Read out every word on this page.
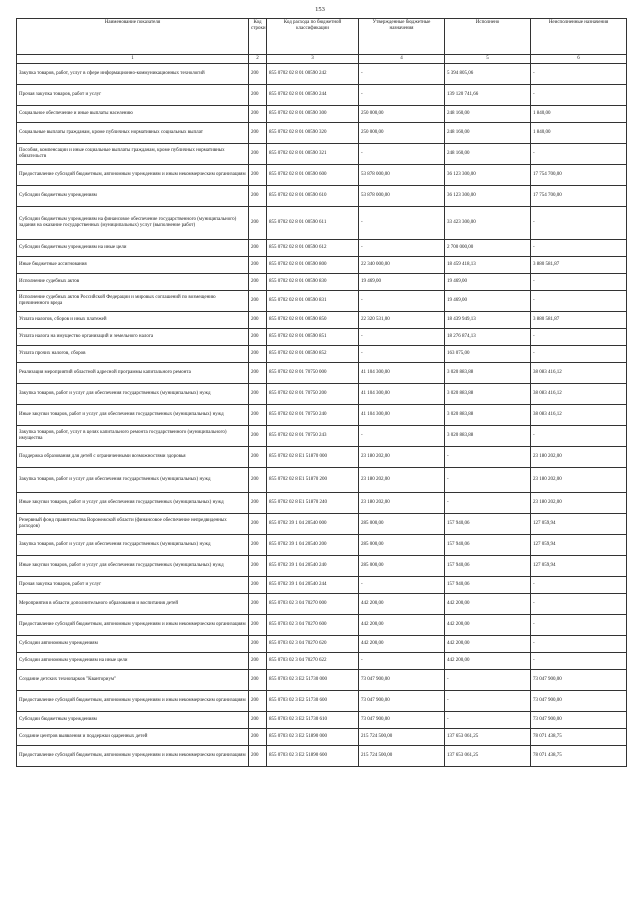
153
Наименование показателя	Код строки	Код расхода по бюджетной классификации	Утвержденные бюджетные назначения	Исполнено	Неисполненные назначения
1	2	3	4	5	6
Закупка товаров, работ, услуг в сфере информационно-коммуникационных технологий	200	855 0702 02 8 01 00590 242	-	5 394 805,06	-
Прочая закупка товаров, работ и услуг	200	855 0702 02 8 01 00590 244	-	139 120 741,66	-
Социальное обеспечение и иные выплаты населению	200	855 0702 02 8 01 00590 300	250 000,00	248 160,00	1 840,00
Социальные выплаты гражданам, кроме публичных нормативных социальных выплат	200	855 0702 02 8 01 00590 320	250 000,00	248 160,00	1 840,00
Пособия, компенсации и иные социальные выплаты гражданам, кроме публичных нормативных обязательств	200	855 0702 02 8 01 00590 321	-	248 160,00	-
Предоставление субсидий бюджетным, автономным учреждениям и иным некоммерческим организациям	200	855 0702 02 8 01 00590 600	53 878 000,00	36 123 300,00	17 754 700,00
Субсидии бюджетным учреждениям	200	855 0702 02 8 01 00590 610	53 878 000,00	36 123 300,00	17 754 700,00
Субсидии бюджетным учреждениям на финансовое обеспечение государственного (муниципального) задания на оказание государственных (муниципальных) услуг (выполнение работ)	200	855 0702 02 8 01 00590 611	-	33 423 300,00	-
Субсидии бюджетным учреждениям на иные цели	200	855 0702 02 8 01 00590 612	-	2 700 000,00	-
Иные бюджетные ассигнования	200	855 0702 02 8 01 00590 800	22 340 000,00	18 459 418,13	3 880 581,87
Исполнение судебных актов	200	855 0702 02 8 01 00590 830	19 469,00	19 469,00	-
Исполнение судебных актов Российской Федерации и мировых соглашений по возмещению причиненного вреда	200	855 0702 02 8 01 00590 831	-	19 469,00	-
Уплата налогов, сборов и иных платежей	200	855 0702 02 8 01 00590 850	22 320 531,00	18 439 949,13	3 880 581,87
Уплата налога на имущество организаций и земельного налога	200	855 0702 02 8 01 00590 851	-	18 276 874,13	-
Уплата прочих налогов, сборов	200	855 0702 02 8 01 00590 852	-	163 075,00	-
Реализация мероприятий областной адресной программы капитального ремонта	200	855 0702 02 8 01 70750 000	41 104 300,00	3 020 883,88	38 083 416,12
Закупка товаров, работ и услуг для обеспечения государственных (муниципальных) нужд	200	855 0702 02 8 01 70750 200	41 104 300,00	3 020 883,88	38 083 416,12
Иные закупки товаров, работ и услуг для обеспечения государственных (муниципальных) нужд	200	855 0702 02 8 01 70750 240	41 104 300,00	3 020 883,88	38 083 416,12
Закупка товаров, работ, услуг в целях капитального ремонта государственного (муниципального) имущества	200	855 0702 02 8 01 70750 243	-	3 020 883,88	-
Поддержка образования для детей с ограниченными возможностями здоровья	200	855 0702 02 8 E1 51870 000	23 180 202,00	-	23 180 202,00
Закупка товаров, работ и услуг для обеспечения государственных (муниципальных) нужд	200	855 0702 02 8 E1 51870 200	23 180 202,00	-	23 180 202,00
Иные закупки товаров, работ и услуг для обеспечения государственных (муниципальных) нужд	200	855 0702 02 8 E1 51870 240	23 180 202,00	-	23 180 202,00
Резервный фонд правительства Воронежской области (финансовое обеспечение непредвиденных расходов)	200	855 0702 39 1 04 20540 000	285 000,00	157 940,06	127 059,94
Закупка товаров, работ и услуг для обеспечения государственных (муниципальных) нужд	200	855 0702 39 1 04 20540 200	285 000,00	157 940,06	127 059,94
Иные закупки товаров, работ и услуг для обеспечения государственных (муниципальных) нужд	200	855 0702 39 1 04 20540 240	285 000,00	157 940,06	127 059,94
Прочая закупка товаров, работ и услуг	200	855 0702 39 1 04 20540 244	-	157 940,06	-
Мероприятия в области дополнительного образования и воспитания детей	200	855 0703 02 3 04 70270 000	442 200,00	442 200,00	-
Предоставление субсидий бюджетным, автономным учреждениям и иным некоммерческим организациям	200	855 0703 02 3 04 70270 600	442 200,00	442 200,00	-
Субсидии автономным учреждениям	200	855 0703 02 3 04 70270 620	442 200,00	442 200,00	-
Субсидии автономным учреждениям на иные цели	200	855 0703 02 3 04 70270 622	-	442 200,00	-
Создание детских технопарков "Кванториум"	200	855 0703 02 3 E2 51730 000	73 047 900,00	-	73 047 900,00
Предоставление субсидий бюджетным, автономным учреждениям и иным некоммерческим организациям	200	855 0703 02 3 E2 51730 600	73 047 900,00	-	73 047 900,00
Субсидии бюджетным учреждениям	200	855 0703 02 3 E2 51730 610	73 047 900,00	-	73 047 900,00
Создание центров выявления и поддержки одаренных детей	200	855 0703 02 3 E2 51890 000	215 724 500,00	137 653 061,25	78 071 438,75
Предоставление субсидий бюджетным, автономным учреждениям и иным некоммерческим организациям	200	855 0703 02 3 E2 51890 600	215 724 500,00	137 653 061,25	78 071 438,75
